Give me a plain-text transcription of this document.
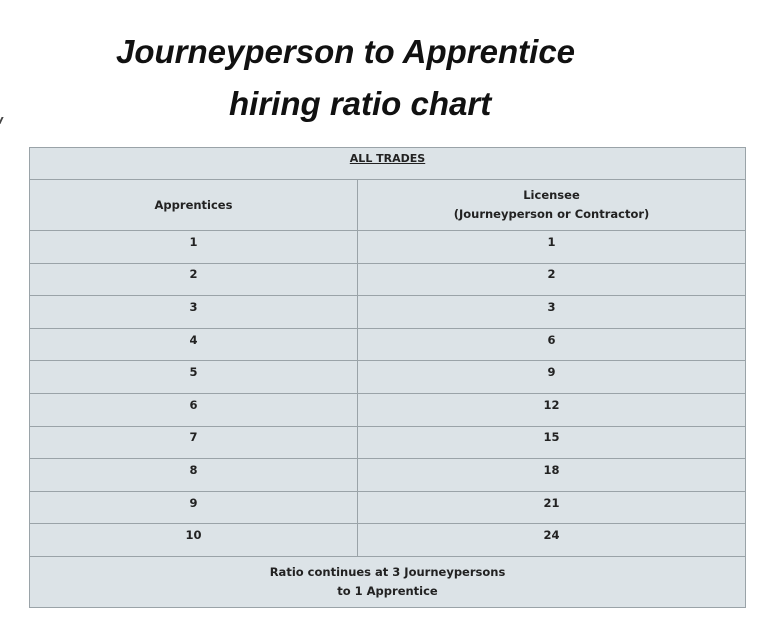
Journeyperson to Apprentice
hiring ratio chart
ALL TRADES	
Apprentices	Licensee
(Journeyperson or Contractor)

1	1
2	2
3	3
4	6
5	9
6	12
7	15
8	18
9	21
10	24

Ratio continues at 3 Journeypersons
to 1 Apprentice	
